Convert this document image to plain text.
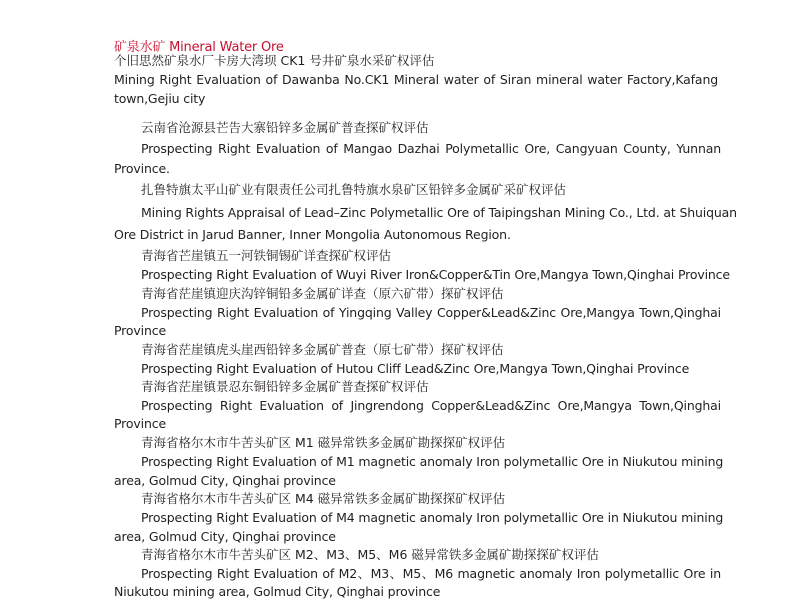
矿泉水矿 Mineral Water Ore
个旧思然矿泉水厂卡房大湾坝 CK1 号井矿泉水采矿权评估
Mining Right Evaluation of Dawanba No.CK1 Mineral water of Siran mineral water Factory,Kafang
town,Gejiu city
云南省沧源县芒告大寨铅锌多金属矿普查探矿权评估
Prospecting Right Evaluation of Mangao Dazhai Polymetallic Ore, Cangyuan County, Yunnan
Province.
扎鲁特旗太平山矿业有限责任公司扎鲁特旗水泉矿区铅锌多金属矿采矿权评估
Mining Rights Appraisal of Lead–Zinc Polymetallic Ore of Taipingshan Mining Co., Ltd. at Shuiquan
Ore District in Jarud Banner, Inner Mongolia Autonomous Region.
青海省芒崖镇五一河铁铜锡矿详查探矿权评估
Prospecting Right Evaluation of Wuyi River Iron&Copper&Tin Ore,Mangya Town,Qinghai Province
青海省茫崖镇迎庆沟锌铜铅多金属矿详查（原六矿带）探矿权评估
Prospecting Right Evaluation of Yingqing Valley Copper&Lead&Zinc Ore,Mangya Town,Qinghai
Province
青海省茫崖镇虎头崖西铅锌多金属矿普查（原七矿带）探矿权评估
Prospecting Right Evaluation of Hutou Cliff Lead&Zinc Ore,Mangya Town,Qinghai Province
青海省茫崖镇景忍东铜铅锌多金属矿普查探矿权评估
Prospecting Right Evaluation of Jingrendong Copper&Lead&Zinc Ore,Mangya Town,Qinghai
Province
青海省格尔木市牛苦头矿区 M1 磁异常铁多金属矿勘探探矿权评估
Prospecting Right Evaluation of M1 magnetic anomaly Iron polymetallic Ore in Niukutou mining
area, Golmud City, Qinghai province
青海省格尔木市牛苦头矿区 M4 磁异常铁多金属矿勘探探矿权评估
Prospecting Right Evaluation of M4 magnetic anomaly Iron polymetallic Ore in Niukutou mining
area, Golmud City, Qinghai province
青海省格尔木市牛苦头矿区 M2、M3、M5、M6 磁异常铁多金属矿勘探探矿权评估
Prospecting Right Evaluation of M2、M3、M5、M6 magnetic anomaly Iron polymetallic Ore in
Niukutou mining area, Golmud City, Qinghai province
